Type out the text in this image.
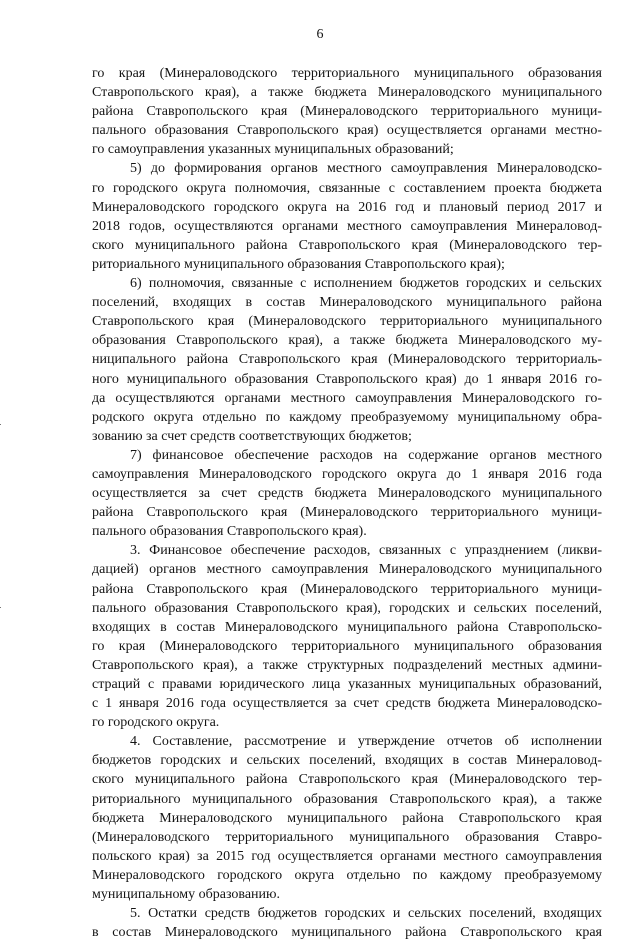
6
го края (Минераловодского территориального муниципального образования
Ставропольского края), а также бюджета Минераловодского муниципального
района Ставропольского края (Минераловодского территориального муници-
пального образования Ставропольского края) осуществляется органами местно-
го самоуправления указанных муниципальных образований;
5) до формирования органов местного самоуправления Минераловодско-
го городского округа полномочия, связанные с составлением проекта бюджета
Минераловодского городского округа на 2016 год и плановый период 2017 и
2018 годов, осуществляются органами местного самоуправления Минераловод-
ского муниципального района Ставропольского края (Минераловодского тер-
риториального муниципального образования Ставропольского края);
6) полномочия, связанные с исполнением бюджетов городских и сельских
поселений, входящих в состав Минераловодского муниципального района
Ставропольского края (Минераловодского территориального муниципального
образования Ставропольского края), а также бюджета Минераловодского му-
ниципального района Ставропольского края (Минераловодского территориаль-
ного муниципального образования Ставропольского края) до 1 января 2016 го-
да осуществляются органами местного самоуправления Минераловодского го-
родского округа отдельно по каждому преобразуемому муниципальному обра-
зованию за счет средств соответствующих бюджетов;
7) финансовое обеспечение расходов на содержание органов местного
самоуправления Минераловодского городского округа до 1 января 2016 года
осуществляется за счет средств бюджета Минераловодского муниципального
района Ставропольского края (Минераловодского территориального муници-
пального образования Ставропольского края).
3. Финансовое обеспечение расходов, связанных с упразднением (ликви-
дацией) органов местного самоуправления Минераловодского муниципального
района Ставропольского края (Минераловодского территориального муници-
пального образования Ставропольского края), городских и сельских поселений,
входящих в состав Минераловодского муниципального района Ставропольско-
го края (Минераловодского территориального муниципального образования
Ставропольского края), а также структурных подразделений местных админи-
страций с правами юридического лица указанных муниципальных образований,
с 1 января 2016 года осуществляется за счет средств бюджета Минераловодско-
го городского округа.
4. Составление, рассмотрение и утверждение отчетов об исполнении
бюджетов городских и сельских поселений, входящих в состав Минераловод-
ского муниципального района Ставропольского края (Минераловодского тер-
риториального муниципального образования Ставропольского края), а также
бюджета Минераловодского муниципального района Ставропольского края
(Минераловодского территориального муниципального образования Ставро-
польского края) за 2015 год осуществляется органами местного самоуправления
Минераловодского городского округа отдельно по каждому преобразуемому
муниципальному образованию.
5. Остатки средств бюджетов городских и сельских поселений, входящих
в состав Минераловодского муниципального района Ставропольского края
